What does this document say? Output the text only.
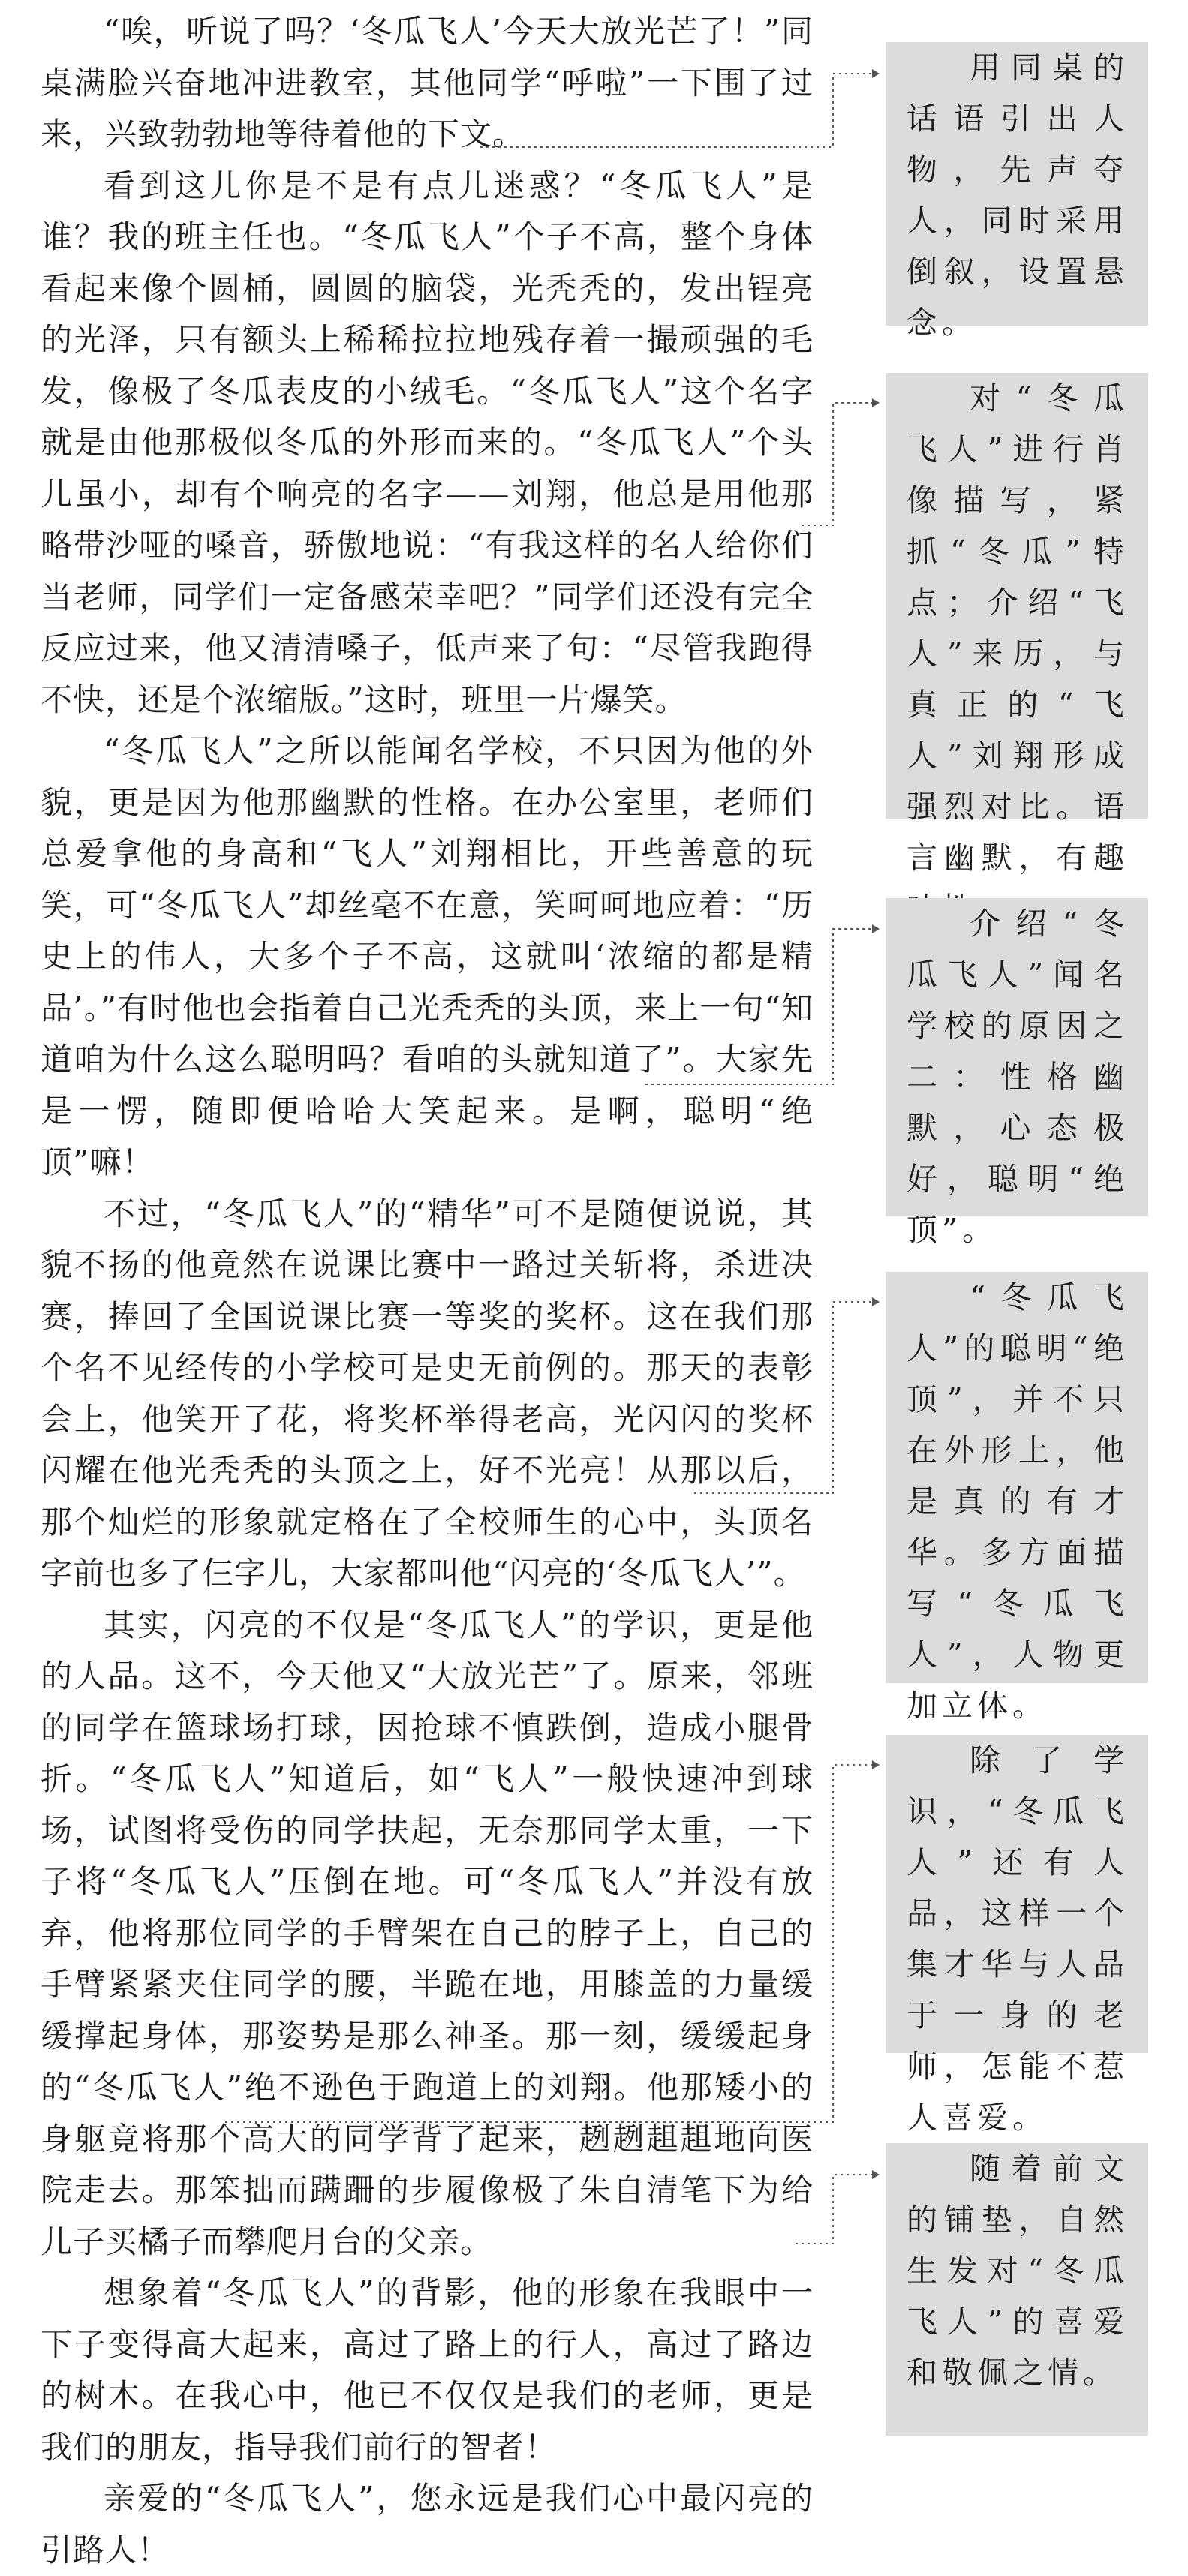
“唉，听说了吗？‘冬瓜飞人’今天大放光芒了！”同桌满脸兴奋地冲进教室，其他同学“呼啦”一下围了过来，兴致勃勃地等待着他的下文。

看到这儿你是不是有点儿迷惑？“冬瓜飞人”是谁？我的班主任也。“冬瓜飞人”个子不高，整个身体看起来像个圆桶，圆圆的脑袋，光秃秃的，发出锃亮的光泽，只有额头上稀稀拉拉地残存着一撮顽强的毛发，像极了冬瓜表皮的小绒毛。“冬瓜飞人”这个名字就是由他那极似冬瓜的外形而来的。“冬瓜飞人”个头儿虽小，却有个响亮的名字——刘翔，他总是用他那略带沙哑的嗓音，骄傲地说：“有我这样的名人给你们当老师，同学们一定备感荣幸吧？”同学们还没有完全反应过来，他又清清嗓子，低声来了句：“尽管我跑得不快，还是个浓缩版。”这时，班里一片爆笑。

“冬瓜飞人”之所以能闻名学校，不只因为他的外貌，更是因为他那幽默的性格。在办公室里，老师们总爱拿他的身高和“飞人”刘翔相比，开些善意的玩笑，可“冬瓜飞人”却丝毫不在意，笑呵呵地应着：“历史上的伟人，大多个子不高，这就叫‘浓缩的都是精品’。”有时他也会指着自己光秃秃的头顶，来上一句“知道咱为什么这么聪明吗？看咱的头就知道了”。大家先是一愣，随即便哈哈大笑起来。是啊，聪明“绝顶”嘛！

不过，“冬瓜飞人”的“精华”可不是随便说说，其貌不扬的他竟然在说课比赛中一路过关斩将，杀进决赛，捧回了全国说课比赛一等奖的奖杯。这在我们那个名不见经传的小学校可是史无前例的。那天的表彰会上，他笑开了花，将奖杯举得老高，光闪闪的奖杯闪耀在他光秃秃的头顶之上，好不光亮！从那以后，那个灿烂的形象就定格在了全校师生的心中，头顶名字前也多了仨字儿，大家都叫他“闪亮的‘冬瓜飞人’”。

其实，闪亮的不仅是“冬瓜飞人”的学识，更是他的人品。这不，今天他又“大放光芒”了。原来，邻班的同学在篮球场打球，因抢球不慎跌倒，造成小腿骨折。“冬瓜飞人”知道后，如“飞人”一般快速冲到球场，试图将受伤的同学扶起，无奈那同学太重，一下子将“冬瓜飞人”压倒在地。可“冬瓜飞人”并没有放弃，他将那位同学的手臂架在自己的脖子上，自己的手臂紧紧夹住同学的腰，半跪在地，用膝盖的力量缓缓撑起身体，那姿势是那么神圣。那一刻，缓缓起身的“冬瓜飞人”绝不逊色于跑道上的刘翔。他那矮小的身躯竟将那个高大的同学背了起来，趔趔趄趄地向医院走去。那笨拙而蹒跚的步履像极了朱自清笔下为给儿子买橘子而攀爬月台的父亲。

想象着“冬瓜飞人”的背影，他的形象在我眼中一下子变得高大起来，高过了路上的行人，高过了路边的树木。在我心中，他已不仅仅是我们的老师，更是我们的朋友，指导我们前行的智者！

亲爱的“冬瓜飞人”，您永远是我们心中最闪亮的引路人！

用同桌的话语引出人物，先声夺人，同时采用倒叙，设置悬念。
对“冬瓜飞人”进行肖像描写，紧抓“冬瓜”特点；介绍“飞人”来历，与真正的“飞人”刘翔形成强烈对比。语言幽默，有趣
介绍“冬瓜飞人”闻名学校的原因之二：性格幽默，心态极好，聪明“绝顶”。
“冬瓜飞人”的聪明“绝顶”，并不只在外形上，他是真的有才华。多方面描写“冬瓜飞人”，人物更加立体。
除了学识，“冬瓜飞人”还有人品，这样一个集才华与人品于一身的老师，怎能不惹人喜爱。
随着前文的铺垫，自然生发对“冬瓜飞人”的喜爱和敬佩之情。
